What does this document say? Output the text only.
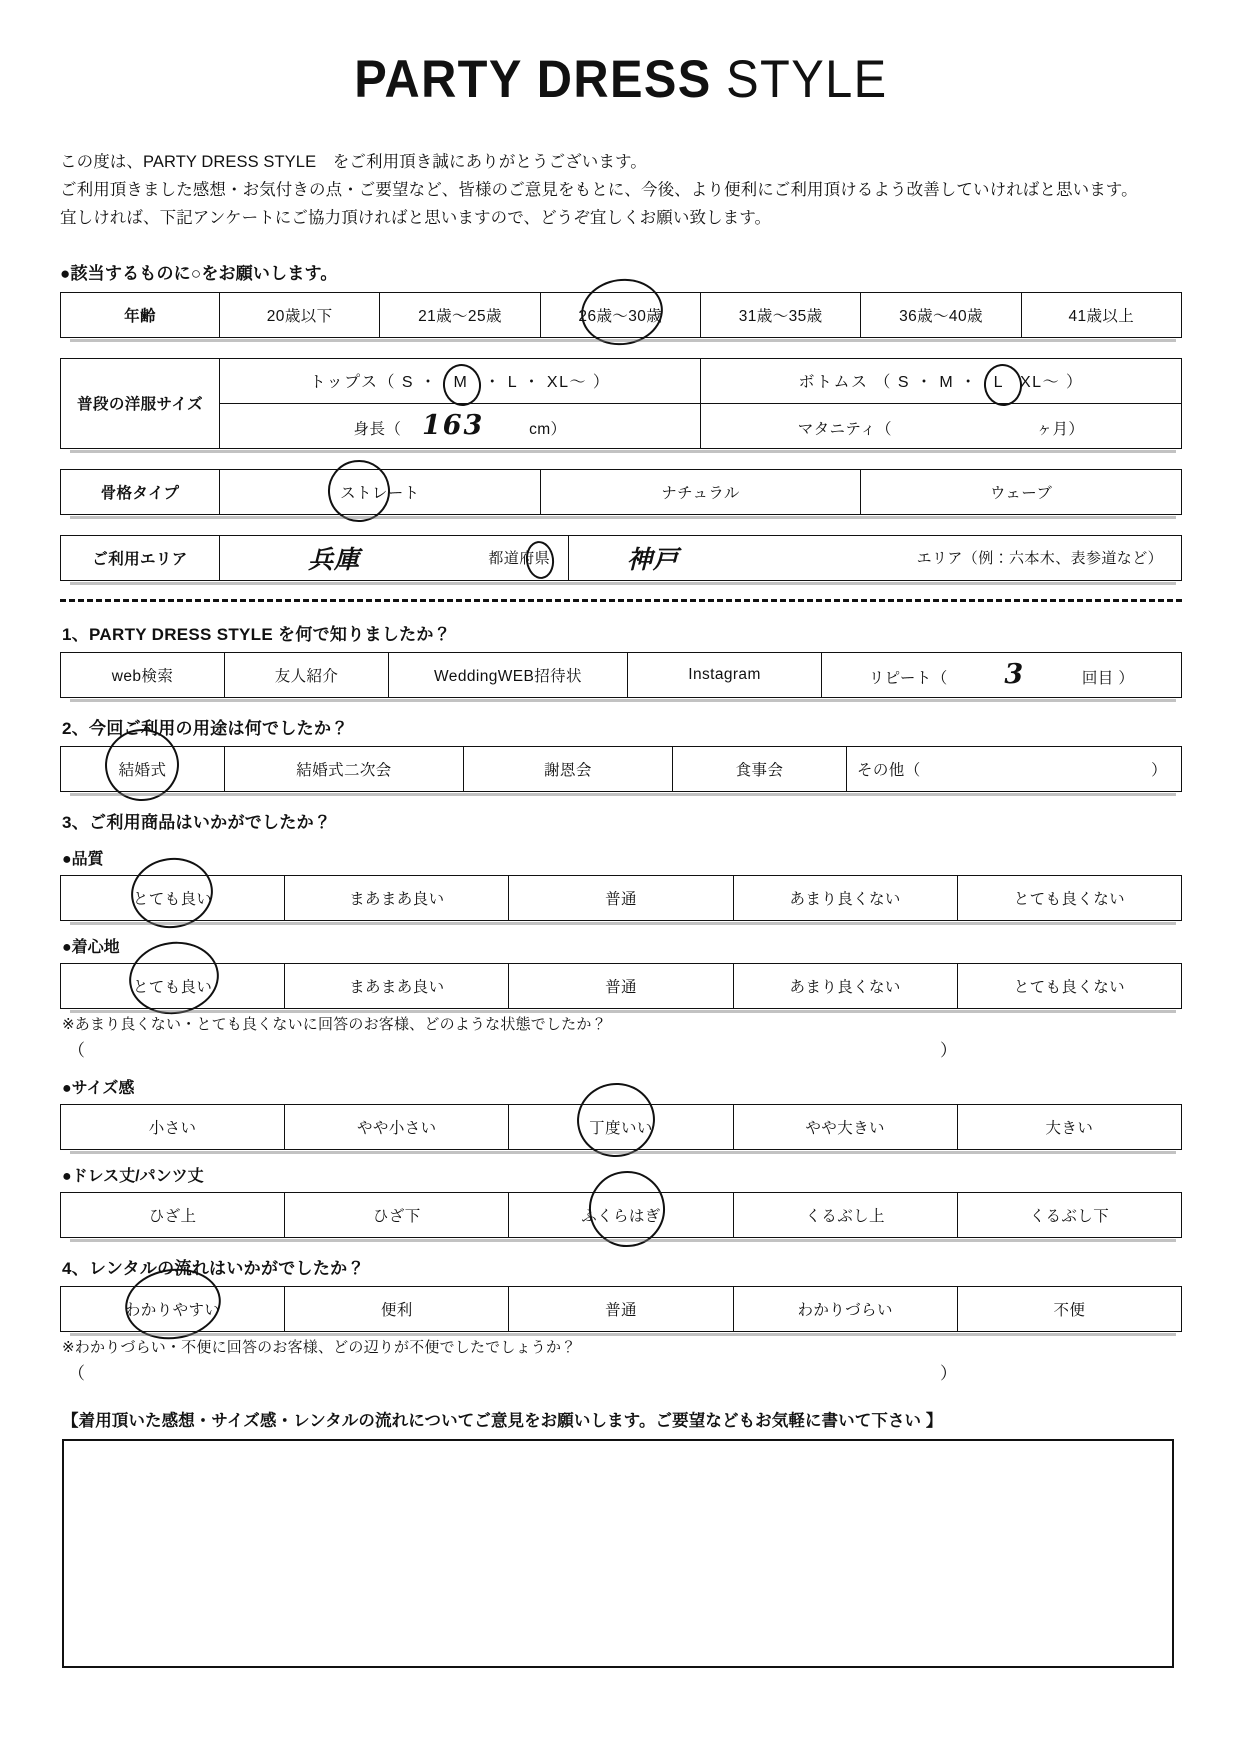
PARTY DRESS STYLE
この度は、PARTY DRESS STYLE　をご利用頂き誠にありがとうございます。
ご利用頂きました感想・お気付きの点・ご要望など、皆様のご意見をもとに、今後、より便利にご利用頂けるよう改善していければと思います。
宜しければ、下記アンケートにご協力頂ければと思いますので、どうぞ宜しくお願い致します。
●該当するものに○をお願いします。
年齢	20歳以下	21歳～25歳	26歳～30歳	31歳～35歳	36歳～40歳	41歳以上
普段の洋服サイズ	トップス（ S ・ M ・ L ・ XL～ ）	ボトムス （ S ・ M ・ L XL～ ）
	身長（ 163 cm）	マタニティ（ ヶ月）
骨格タイプ	ストレート	ナチュラル	ウェーブ
ご利用エリア	兵庫	都道府県	神戸	エリア（例：六本木、表参道など）
1、PARTY DRESS STYLE を何で知りましたか？
web検索	友人紹介	WeddingWEB招待状	Instagram	リピート（ 3	回目 ）
2、今回ご利用の用途は何でしたか？
結婚式	結婚式二次会	謝恩会	食事会	その他（	）
3、ご利用商品はいかがでしたか？
●品質
とても良い	まあまあ良い	普通	あまり良くない	とても良くない
●着心地
とても良い	まあまあ良い	普通	あまり良くない	とても良くない
※あまり良くない・とても良くないに回答のお客様、どのような状態でしたか？
（	）
●サイズ感
小さい	やや小さい	丁度いい	やや大きい	大きい
●ドレス丈/パンツ丈
ひざ上	ひざ下	ふくらはぎ	くるぶし上	くるぶし下
4、レンタルの流れはいかがでしたか？
わかりやすい	便利	普通	わかりづらい	不便
※わかりづらい・不便に回答のお客様、どの辺りが不便でしたでしょうか？
（	）
【着用頂いた感想・サイズ感・レンタルの流れについてご意見をお願いします。ご要望などもお気軽に書いて下さい 】
